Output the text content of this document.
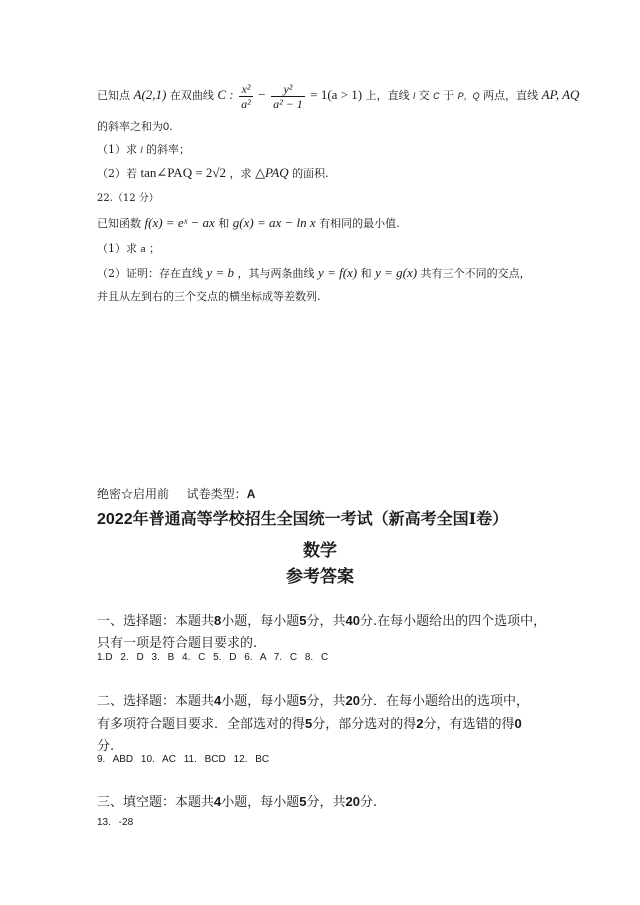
已知点 A(2,1) 在双曲线 C : $\frac{\text{x²}}{\text{a²}} - \frac{\text{y²}}{\text{a² − 1}} = 1(a > 1)$ 上，直线 l 交 C 于 P，Q 两点，直线 AP, AQ
的斜率之和为0.
（1）求 l 的斜率；
（2）若 tan∠PAQ = 2√2 ，求 △PAQ 的面积.
22.（12 分）
已知函数 f(x) = eˣ − ax 和 g(x) = ax − ln x 有相同的最小值.
（1）求 a ；
（2）证明：存在直线 y = b ，其与两条曲线 y = f(x) 和 y = g(x) 共有三个不同的交点，
并且从左到右的三个交点的横坐标成等差数列.
绝密☆启用前 试卷类型：A
2022年普通高等学校招生全国统一考试（新高考全国Ⅰ卷）
数学
参考答案
一、选择题：本题共8小题，每小题5分，共40分.在每小题给出的四个选项中，
只有一项是符合题目要求的.
1.D 2. D 3. B 4. C 5. D 6. A 7. C 8. C
二、选择题：本题共4小题，每小题5分，共20分．在每小题给出的选项中，
有多项符合题目要求．全部选对的得5分，部分选对的得2分，有选错的得0
分.
9. ABD 10. AC 11. BCD 12. BC
三、填空题：本题共4小题，每小题5分，共20分.
13. -28
